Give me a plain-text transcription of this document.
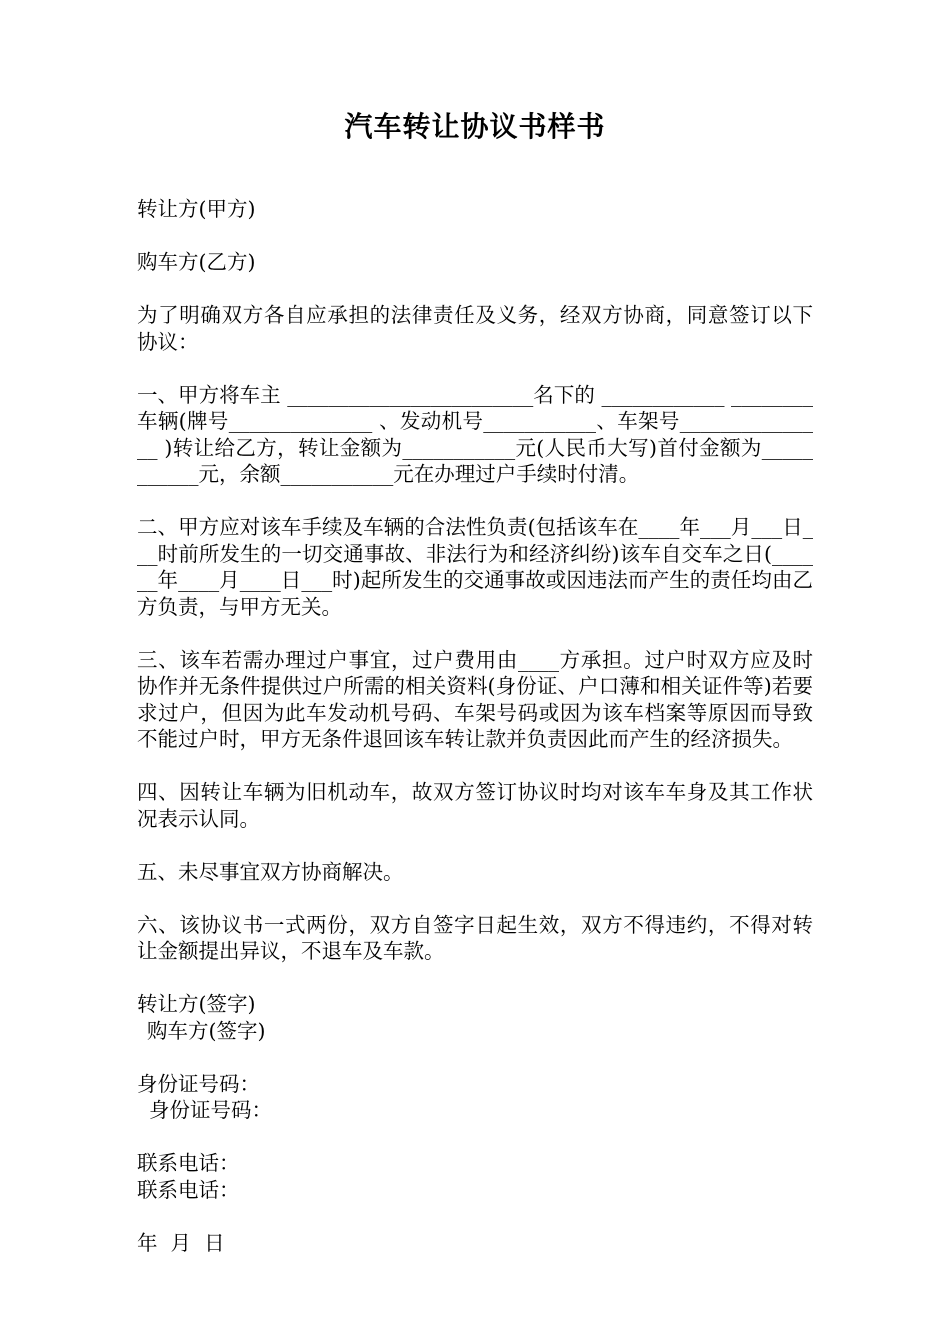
汽车转让协议书样书

转让方(甲方)

购车方(乙方)

为了明确双方各自应承担的法律责任及义务，经双方协商，同意签订以下协议：

一、甲方将车主 ________________________名下的 ____________ ________ 车辆(牌号______________ 、发动机号___________、车架号_______________ )转让给乙方，转让金额为___________元(人民币大写)首付金额为___________元，余额___________元在办理过户手续时付清。

二、甲方应对该车手续及车辆的合法性负责(包括该车在____年___月___日___时前所发生的一切交通事故、非法行为和经济纠纷)该车自交车之日(______年____月____日___时)起所发生的交通事故或因违法而产生的责任均由乙方负责，与甲方无关。

三、该车若需办理过户事宜，过户费用由____方承担。过户时双方应及时协作并无条件提供过户所需的相关资料(身份证、户口薄和相关证件等)若要求过户，但因为此车发动机号码、车架号码或因为该车档案等原因而导致不能过户时，甲方无条件退回该车转让款并负责因此而产生的经济损失。

四、因转让车辆为旧机动车，故双方签订协议时均对该车车身及其工作状况表示认同。

五、未尽事宜双方协商解决。

六、该协议书一式两份，双方自签字日起生效，双方不得违约，不得对转让金额提出异议，不退车及车款。

转让方(签字)
购车方(签字)
身份证号码：
身份证号码：
联系电话：
联系电话：
年  月  日
